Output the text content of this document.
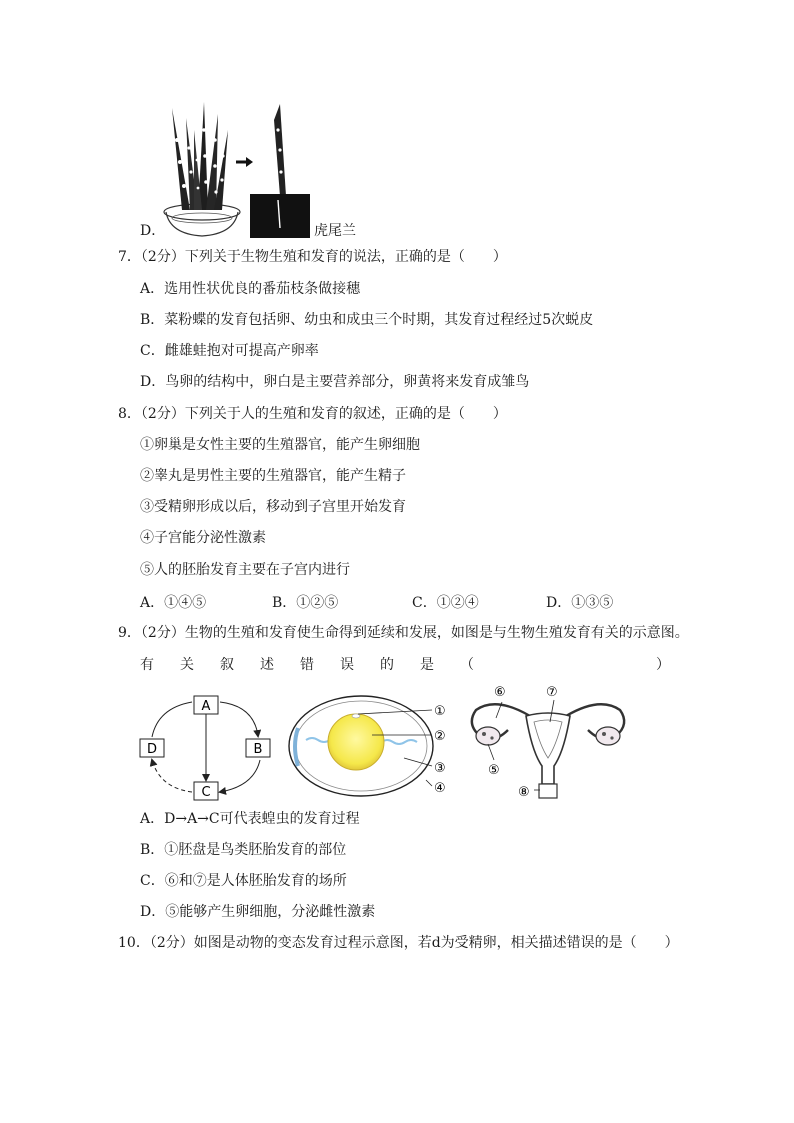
D．	虎尾兰
7．（2分）下列关于生物生殖和发育的说法，正确的是（　　）
A．选用性状优良的番茄枝条做接穗
B．菜粉蝶的发育包括卵、幼虫和成虫三个时期，其发育过程经过5次蜕皮
C．雌雄蛙抱对可提高产卵率
D．鸟卵的结构中，卵白是主要营养部分，卵黄将来发育成雏鸟
8．（2分）下列关于人的生殖和发育的叙述，正确的是（　　）
①卵巢是女性主要的生殖器官，能产生卵细胞
②睾丸是男性主要的生殖器官，能产生精子
③受精卵形成以后，移动到子宫里开始发育
④子宫能分泌性激素
⑤人的胚胎发育主要在子宫内进行
A．①④⑤	B．①②⑤	C．①②④	D．①③⑤
9．（2分）生物的生殖和发育使生命得到延续和发展，如图是与生物生殖发育有关的示意图。
有 关 叙 述 错 误 的 是 （	）
A
B
C
D
①
②
③
④
⑥	⑦
⑤
⑧
A．D→A→C可代表蝗虫的发育过程
B．①胚盘是鸟类胚胎发育的部位
C．⑥和⑦是人体胚胎发育的场所
D．⑤能够产生卵细胞，分泌雌性激素
10．（2分）如图是动物的变态发育过程示意图，若d为受精卵，相关描述错误的是（　　）
